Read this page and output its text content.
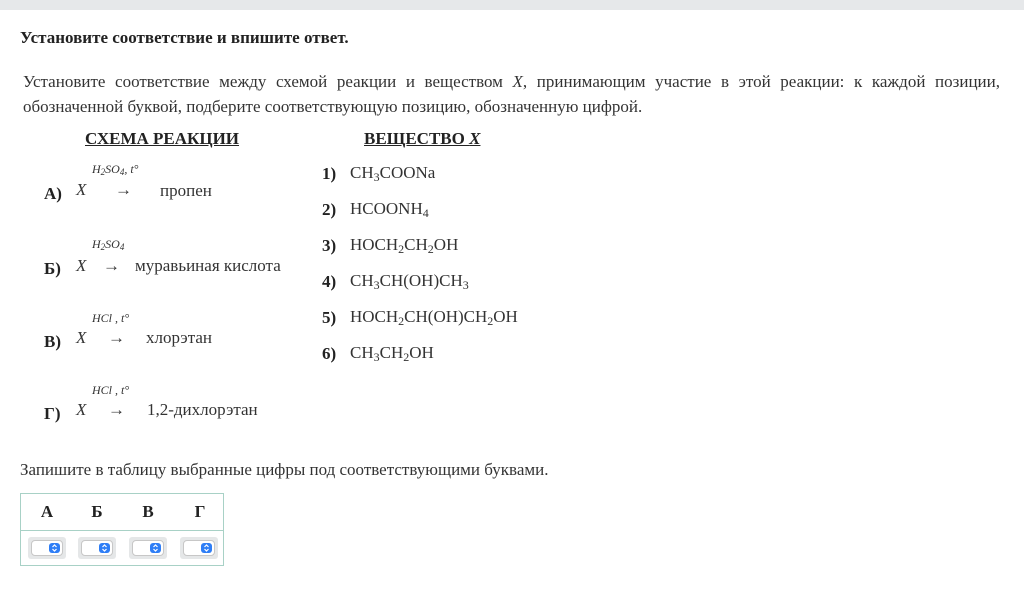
Установите соответствие и впишите ответ.
Установите соответствие между схемой реакции и веществом X, принимающим участие в этой реакции: к каждой позиции, обозначенной буквой, подберите соответствующую позицию, обозначенную цифрой.
СХЕМА РЕАКЦИИ	ВЕЩЕСТВО X
$H_2SO_4$, t°
А) X → пропен
$H_2SO_4$
Б) X → муравьиная кислота
HCl , t°
В) X → хлорэтан
HCl , t°
Г) X → 1,2-дихлорэтан
1) $CH_3COONa$
2) $HCOONH_4$
3) $HOCH_2CH_2OH$
4) $CH_3CH(OH)CH_3$
5) $HOCH_2CH(OH)CH_2OH$
6) $CH_3CH_2OH$
Запишите в таблицу выбранные цифры под соответствующими буквами.
А	Б	В	Г
